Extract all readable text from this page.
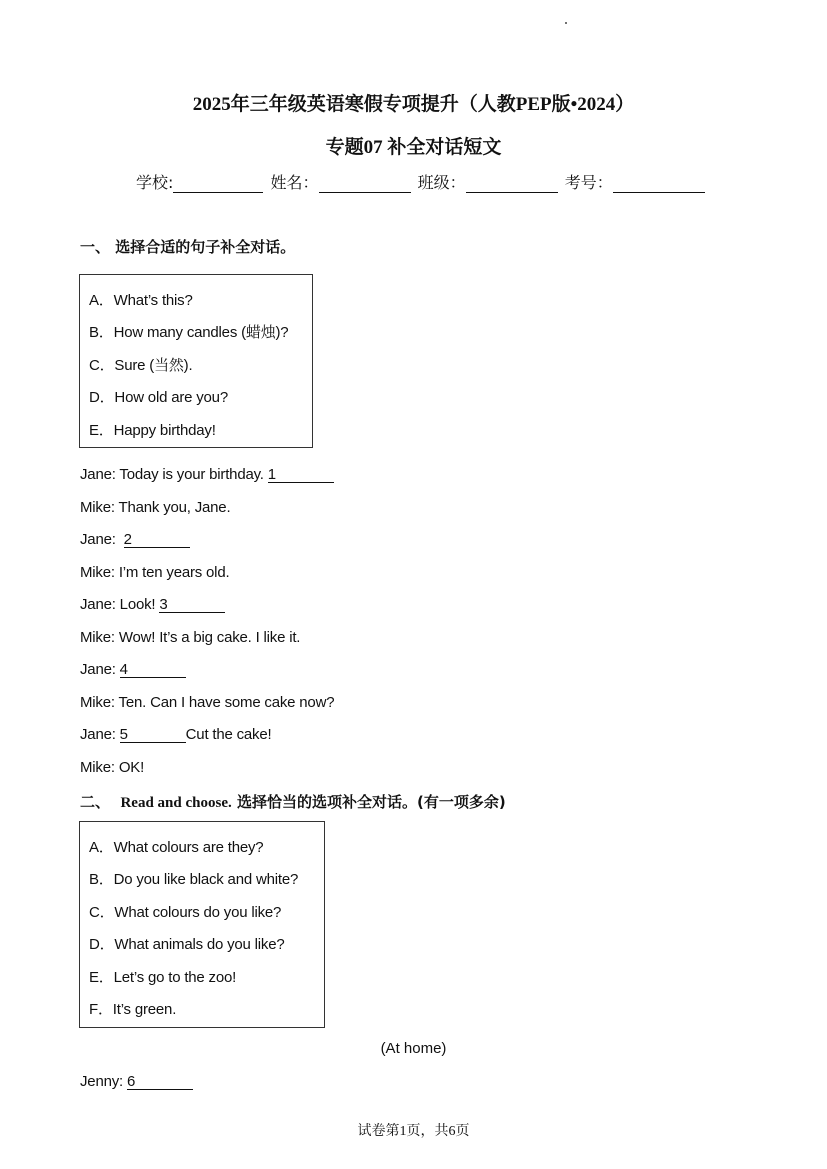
2025年三年级英语寒假专项提升（人教PEP版•2024）
专题07 补全对话短文
学校:	姓名：	班级：	考号：
一、 选择合适的句子补全对话。
A．What’s this?
B．How many candles (蜡烛)?
C．Sure (当然).
D．How old are you?
E．Happy birthday!
Jane: Today is your birthday. 1
Mike: Thank you, Jane.
Jane: 2
Mike: I’m ten years old.
Jane: Look! 3
Mike: Wow! It’s a big cake. I like it.
Jane: 4
Mike: Ten. Can I have some cake now?
Jane: 5	Cut the cake!
Mike: OK!
二、 Read and choose. 选择恰当的选项补全对话。(有一项多余)
A．What colours are they?
B．Do you like black and white?
C．What colours do you like?
D．What animals do you like?
E．Let’s go to the zoo!
F．It’s green.
(At home)
Jenny: 6
试卷第1页，共6页
